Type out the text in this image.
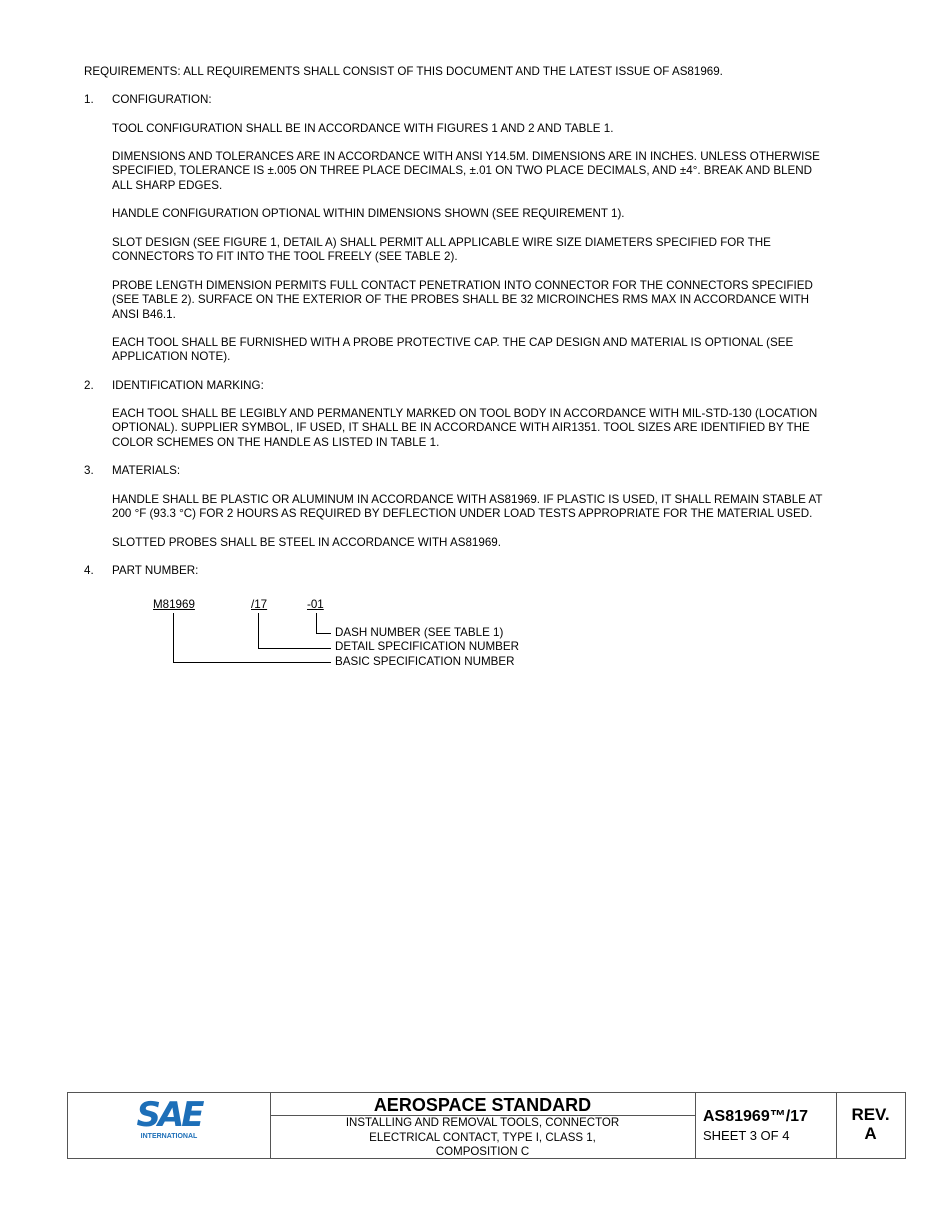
REQUIREMENTS: ALL REQUIREMENTS SHALL CONSIST OF THIS DOCUMENT AND THE LATEST ISSUE OF AS81969.
1. CONFIGURATION:
TOOL CONFIGURATION SHALL BE IN ACCORDANCE WITH FIGURES 1 AND 2 AND TABLE 1.
DIMENSIONS AND TOLERANCES ARE IN ACCORDANCE WITH ANSI Y14.5M. DIMENSIONS ARE IN INCHES. UNLESS OTHERWISE
SPECIFIED, TOLERANCE IS ±.005 ON THREE PLACE DECIMALS, ±.01 ON TWO PLACE DECIMALS, AND ±4°. BREAK AND BLEND
ALL SHARP EDGES.
HANDLE CONFIGURATION OPTIONAL WITHIN DIMENSIONS SHOWN (SEE REQUIREMENT 1).
SLOT DESIGN (SEE FIGURE 1, DETAIL A) SHALL PERMIT ALL APPLICABLE WIRE SIZE DIAMETERS SPECIFIED FOR THE
CONNECTORS TO FIT INTO THE TOOL FREELY (SEE TABLE 2).
PROBE LENGTH DIMENSION PERMITS FULL CONTACT PENETRATION INTO CONNECTOR FOR THE CONNECTORS SPECIFIED
(SEE TABLE 2). SURFACE ON THE EXTERIOR OF THE PROBES SHALL BE 32 MICROINCHES RMS MAX IN ACCORDANCE WITH
ANSI B46.1.
EACH TOOL SHALL BE FURNISHED WITH A PROBE PROTECTIVE CAP. THE CAP DESIGN AND MATERIAL IS OPTIONAL (SEE
APPLICATION NOTE).
2. IDENTIFICATION MARKING:
EACH TOOL SHALL BE LEGIBLY AND PERMANENTLY MARKED ON TOOL BODY IN ACCORDANCE WITH MIL-STD-130 (LOCATION
OPTIONAL). SUPPLIER SYMBOL, IF USED, IT SHALL BE IN ACCORDANCE WITH AIR1351. TOOL SIZES ARE IDENTIFIED BY THE
COLOR SCHEMES ON THE HANDLE AS LISTED IN TABLE 1.
3. MATERIALS:
HANDLE SHALL BE PLASTIC OR ALUMINUM IN ACCORDANCE WITH AS81969. IF PLASTIC IS USED, IT SHALL REMAIN STABLE AT
200 °F (93.3 °C) FOR 2 HOURS AS REQUIRED BY DEFLECTION UNDER LOAD TESTS APPROPRIATE FOR THE MATERIAL USED.
SLOTTED PROBES SHALL BE STEEL IN ACCORDANCE WITH AS81969.
4. PART NUMBER:
M81969	/17	-01
DASH NUMBER (SEE TABLE 1)
DETAIL SPECIFICATION NUMBER
BASIC SPECIFICATION NUMBER
SAE
INTERNATIONAL
AEROSPACE STANDARD
INSTALLING AND REMOVAL TOOLS, CONNECTOR
ELECTRICAL CONTACT, TYPE I, CLASS 1,
COMPOSITION C
AS81969™/17
SHEET 3 OF 4
REV.
A
